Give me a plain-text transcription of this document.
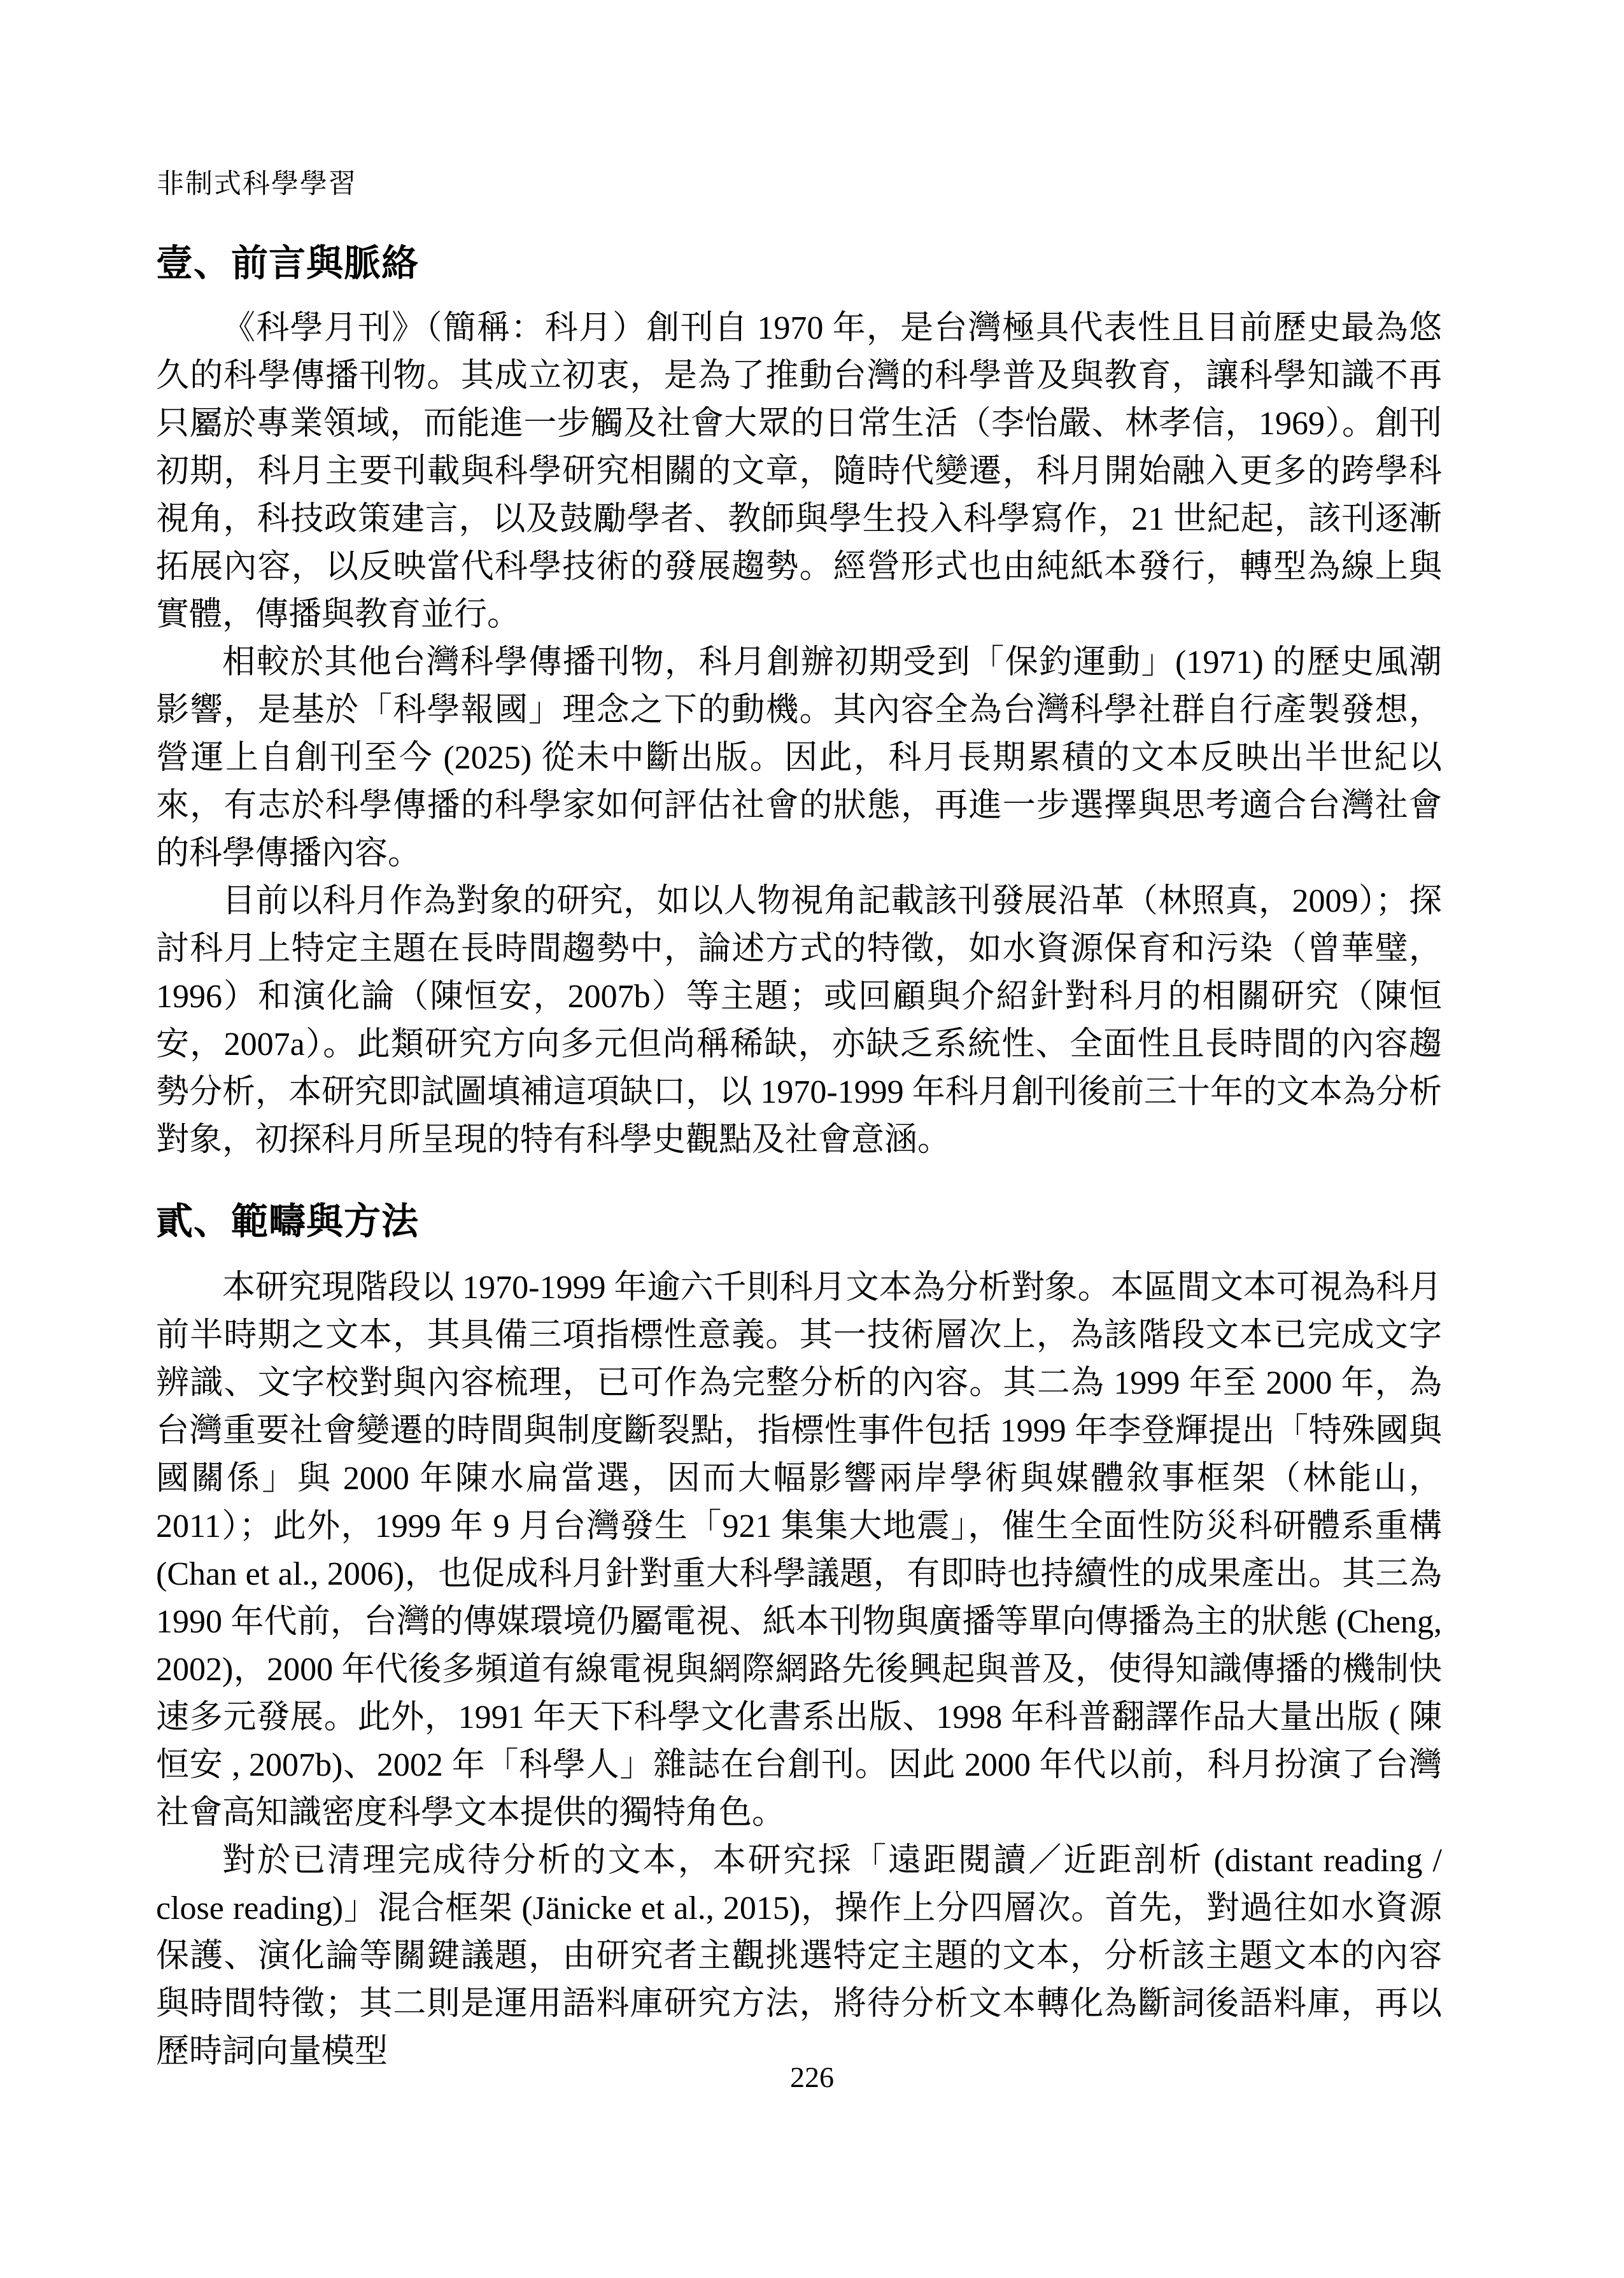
非制式科學學習
壹、前言與脈絡

《科學月刊》（簡稱：科月）創刊自 1970 年，是台灣極具代表性且目前歷史最為悠久的科學傳播刊物。其成立初衷，是為了推動台灣的科學普及與教育，讓科學知識不再只屬於專業領域，而能進一步觸及社會大眾的日常生活（李怡嚴、林孝信，1969）。創刊初期，科月主要刊載與科學研究相關的文章，隨時代變遷，科月開始融入更多的跨學科視角，科技政策建言，以及鼓勵學者、教師與學生投入科學寫作，21 世紀起，該刊逐漸拓展內容，以反映當代科學技術的發展趨勢。經營形式也由純紙本發行，轉型為線上與實體，傳播與教育並行。

相較於其他台灣科學傳播刊物，科月創辦初期受到「保釣運動」(1971) 的歷史風潮影響，是基於「科學報國」理念之下的動機。其內容全為台灣科學社群自行產製發想，營運上自創刊至今 (2025) 從未中斷出版。因此，科月長期累積的文本反映出半世紀以來，有志於科學傳播的科學家如何評估社會的狀態，再進一步選擇與思考適合台灣社會的科學傳播內容。

目前以科月作為對象的研究，如以人物視角記載該刊發展沿革（林照真，2009）；探討科月上特定主題在長時間趨勢中，論述方式的特徵，如水資源保育和污染（曾華璧，1996）和演化論（陳恒安，2007b）等主題；或回顧與介紹針對科月的相關研究（陳恒安，2007a）。此類研究方向多元但尚稱稀缺，亦缺乏系統性、全面性且長時間的內容趨勢分析，本研究即試圖填補這項缺口，以 1970-1999 年科月創刊後前三十年的文本為分析對象，初探科月所呈現的特有科學史觀點及社會意涵。

貳、範疇與方法

本研究現階段以 1970-1999 年逾六千則科月文本為分析對象。本區間文本可視為科月前半時期之文本，其具備三項指標性意義。其一技術層次上，為該階段文本已完成文字辨識、文字校對與內容梳理，已可作為完整分析的內容。其二為 1999 年至 2000 年，為台灣重要社會變遷的時間與制度斷裂點，指標性事件包括 1999 年李登輝提出「特殊國與國關係」與 2000 年陳水扁當選，因而大幅影響兩岸學術與媒體敘事框架（林能山，2011）；此外，1999 年 9 月台灣發生「921 集集大地震」，催生全面性防災科研體系重構 (Chan et al., 2006)，也促成科月針對重大科學議題，有即時也持續性的成果產出。其三為 1990 年代前，台灣的傳媒環境仍屬電視、紙本刊物與廣播等單向傳播為主的狀態 (Cheng, 2002)，2000 年代後多頻道有線電視與網際網路先後興起與普及，使得知識傳播的機制快速多元發展。此外，1991 年天下科學文化書系出版、1998 年科普翻譯作品大量出版 ( 陳恒安 , 2007b)、2002 年「科學人」雜誌在台創刊。因此 2000 年代以前，科月扮演了台灣社會高知識密度科學文本提供的獨特角色。

對於已清理完成待分析的文本，本研究採「遠距閱讀／近距剖析 (distant reading / close reading)」混合框架 (Jänicke et al., 2015)，操作上分四層次。首先，對過往如水資源保護、演化論等關鍵議題，由研究者主觀挑選特定主題的文本，分析該主題文本的內容與時間特徵；其二則是運用語料庫研究方法，將待分析文本轉化為斷詞後語料庫，再以歷時詞向量模型

226
